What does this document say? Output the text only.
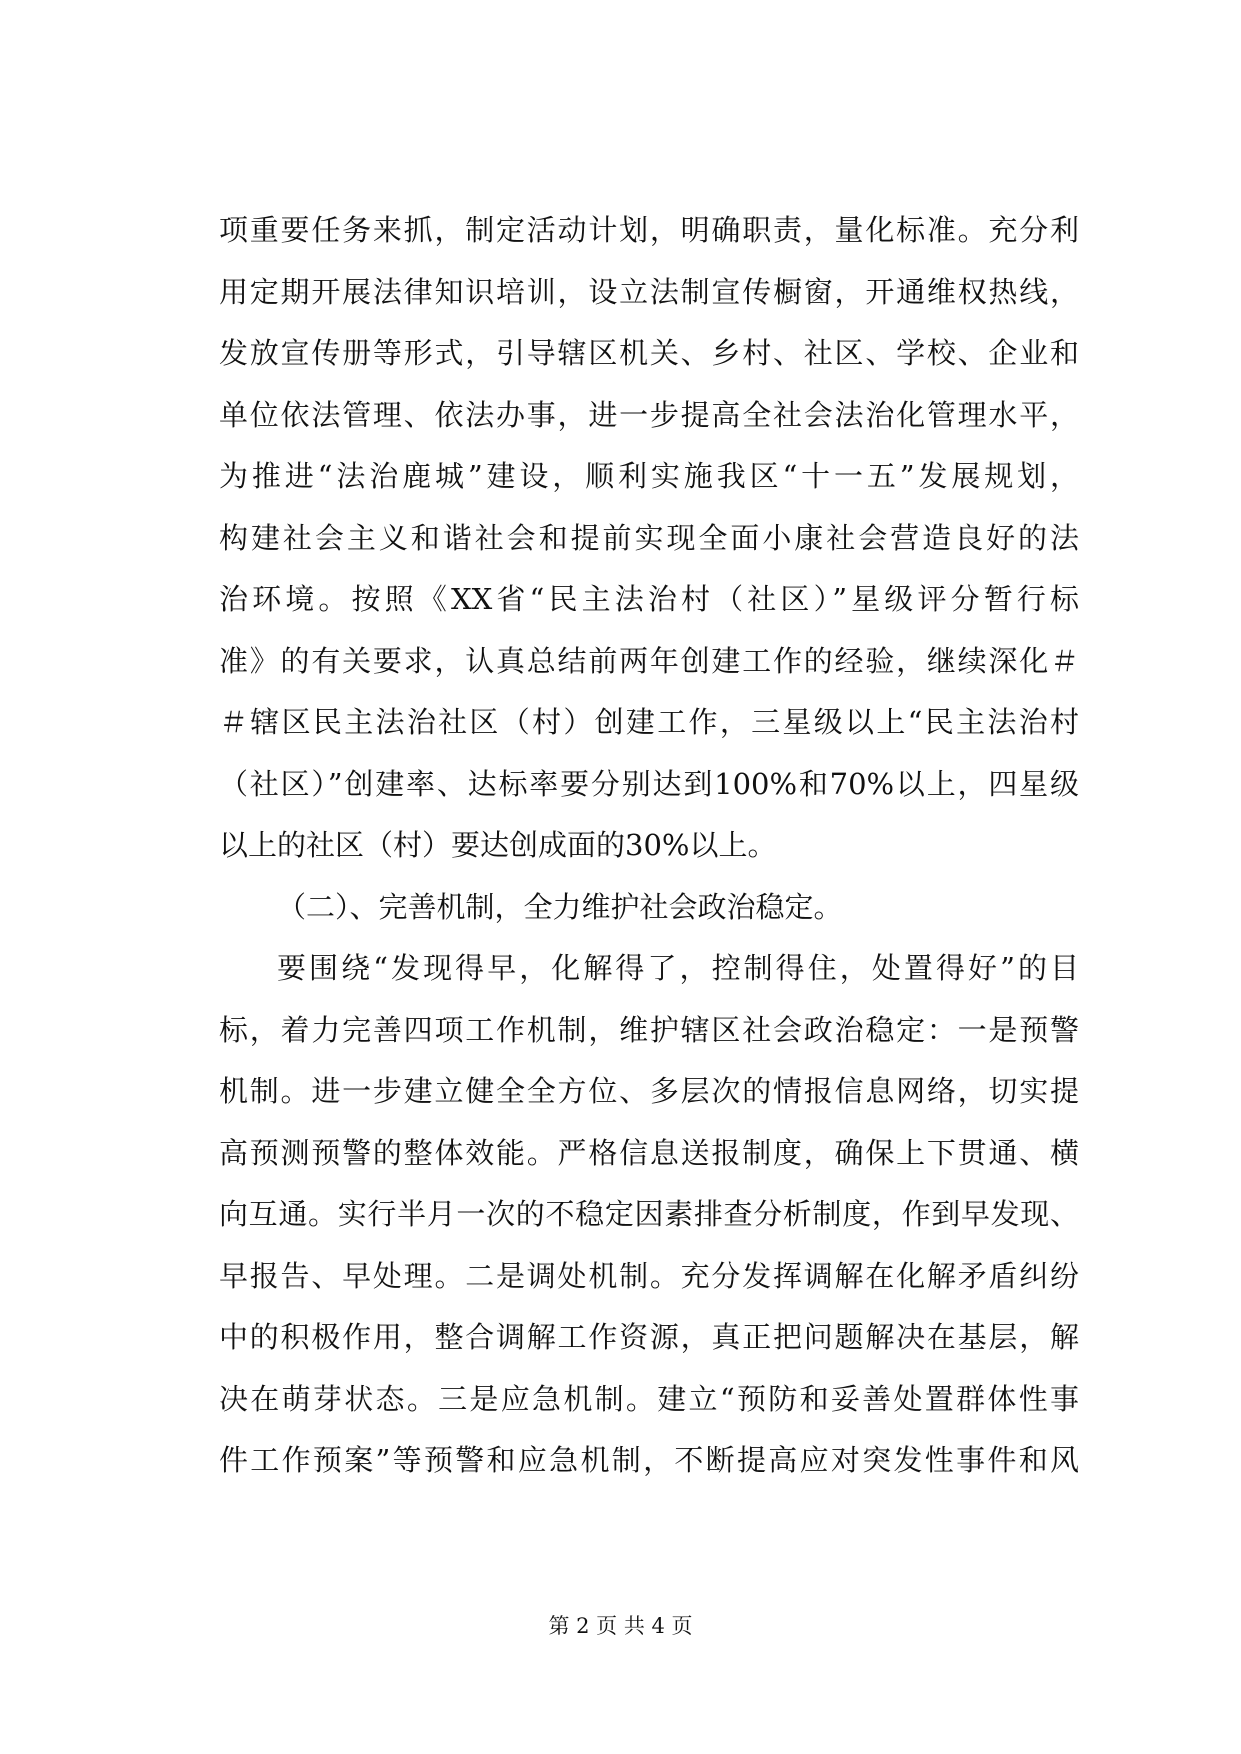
项重要任务来抓，制定活动计划，明确职责，量化标准。充分利
用定期开展法律知识培训，设立法制宣传橱窗，开通维权热线，
发放宣传册等形式，引导辖区机关、乡村、社区、学校、企业和
单位依法管理、依法办事，进一步提高全社会法治化管理水平，
为推进“法治鹿城”建设，顺利实施我区“十一五”发展规划，
构建社会主义和谐社会和提前实现全面小康社会营造良好的法
治环境。按照《XX省“民主法治村（社区）”星级评分暂行标
准》的有关要求，认真总结前两年创建工作的经验，继续深化＃
＃辖区民主法治社区（村）创建工作，三星级以上“民主法治村
（社区）”创建率、达标率要分别达到100%和70%以上，四星级
以上的社区（村）要达创成面的30%以上。
（二）、完善机制，全力维护社会政治稳定。
要围绕“发现得早，化解得了，控制得住，处置得好”的目
标，着力完善四项工作机制，维护辖区社会政治稳定：一是预警
机制。进一步建立健全全方位、多层次的情报信息网络，切实提
高预测预警的整体效能。严格信息送报制度，确保上下贯通、横
向互通。实行半月一次的不稳定因素排查分析制度，作到早发现、
早报告、早处理。二是调处机制。充分发挥调解在化解矛盾纠纷
中的积极作用，整合调解工作资源，真正把问题解决在基层，解
决在萌芽状态。三是应急机制。建立“预防和妥善处置群体性事
件工作预案”等预警和应急机制，不断提高应对突发性事件和风
第 2 页 共 4 页
